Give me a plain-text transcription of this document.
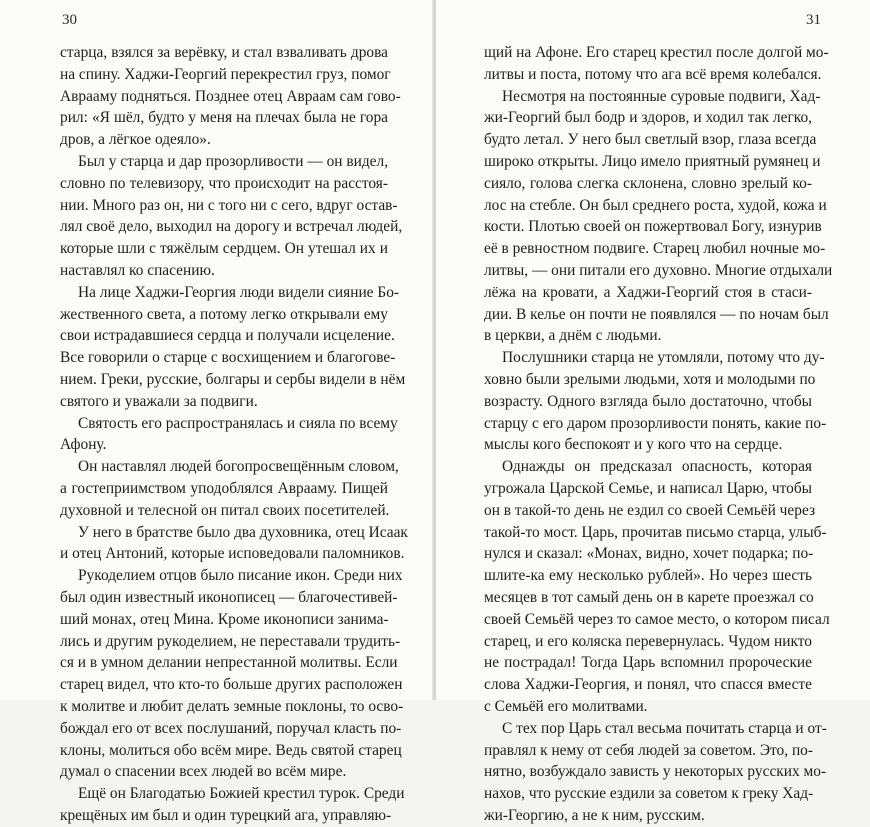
30
старца, взялся за верёвку, и стал взваливать дрова
на спину. Хаджи-Георгий перекрестил груз, помог
Аврааму подняться. Позднее отец Авраам сам гово-
рил: «Я шёл, будто у меня на плечах была не гора
дров, а лёгкое одеяло».
Был у старца и дар прозорливости — он видел,
словно по телевизору, что происходит на расстоя-
нии. Много раз он, ни с того ни с сего, вдруг остав-
лял своё дело, выходил на дорогу и встречал людей,
которые шли с тяжёлым сердцем. Он утешал их и
наставлял ко спасению.
На лице Хаджи-Георгия люди видели сияние Бо-
жественного света, а потому легко открывали ему
свои истрадавшиеся сердца и получали исцеление.
Все говорили о старце с восхищением и благогове-
нием. Греки, русские, болгары и сербы видели в нём
святого и уважали за подвиги.
Святость его распространялась и сияла по всему
Афону.
Он наставлял людей богопросвещённым словом,
а гостеприимством уподоблялся Аврааму. Пищей
духовной и телесной он питал своих посетителей.
У него в братстве было два духовника, отец Исаак
и отец Антоний, которые исповедовали паломников.
Рукоделием отцов было писание икон. Среди них
был один известный иконописец — благочестивей-
ший монах, отец Мина. Кроме иконописи занима-
лись и другим рукоделием, не переставали трудить-
ся и в умном делании непрестанной молитвы. Если
старец видел, что кто-то больше других расположен
к молитве и любит делать земные поклоны, то осво-
бождал его от всех послушаний, поручал класть по-
клоны, молиться обо всём мире. Ведь святой старец
думал о спасении всех людей во всём мире.
Ещё он Благодатью Божией крестил турок. Среди
крещёных им был и один турецкий ага, управляю-
31
щий на Афоне. Его старец крестил после долгой мо-
литвы и поста, потому что ага всё время колебался.
Несмотря на постоянные суровые подвиги, Хад-
жи-Георгий был бодр и здоров, и ходил так легко,
будто летал. У него был светлый взор, глаза всегда
широко открыты. Лицо имело приятный румянец и
сияло, голова слегка склонена, словно зрелый ко-
лос на стебле. Он был среднего роста, худой, кожа и
кости. Плотью своей он пожертвовал Богу, изнурив
её в ревностном подвиге. Старец любил ночные мо-
литвы, — они питали его духовно. Многие отдыхали
лёжа на кровати, а Хаджи-Георгий стоя в стаси-
дии. В келье он почти не появлялся — по ночам был
в церкви, а днём с людьми.
Послушники старца не утомляли, потому что ду-
ховно были зрелыми людьми, хотя и молодыми по
возрасту. Одного взгляда было достаточно, чтобы
старцу с его даром прозорливости понять, какие по-
мыслы кого беспокоят и у кого что на сердце.
Однажды он предсказал опасность, которая
угрожала Царской Семье, и написал Царю, чтобы
он в такой-то день не ездил со своей Семьёй через
такой-то мост. Царь, прочитав письмо старца, улыб-
нулся и сказал: «Монах, видно, хочет подарка; по-
шлите-ка ему несколько рублей». Но через шесть
месяцев в тот самый день он в карете проезжал со
своей Семьёй через то самое место, о котором писал
старец, и его коляска перевернулась. Чудом никто
не пострадал! Тогда Царь вспомнил пророческие
слова Хаджи-Георгия, и понял, что спасся вместе
с Семьёй его молитвами.
С тех пор Царь стал весьма почитать старца и от-
правлял к нему от себя людей за советом. Это, по-
нятно, возбуждало зависть у некоторых русских мо-
нахов, что русские ездили за советом к греку Хад-
жи-Георгию, а не к ним, русским.
